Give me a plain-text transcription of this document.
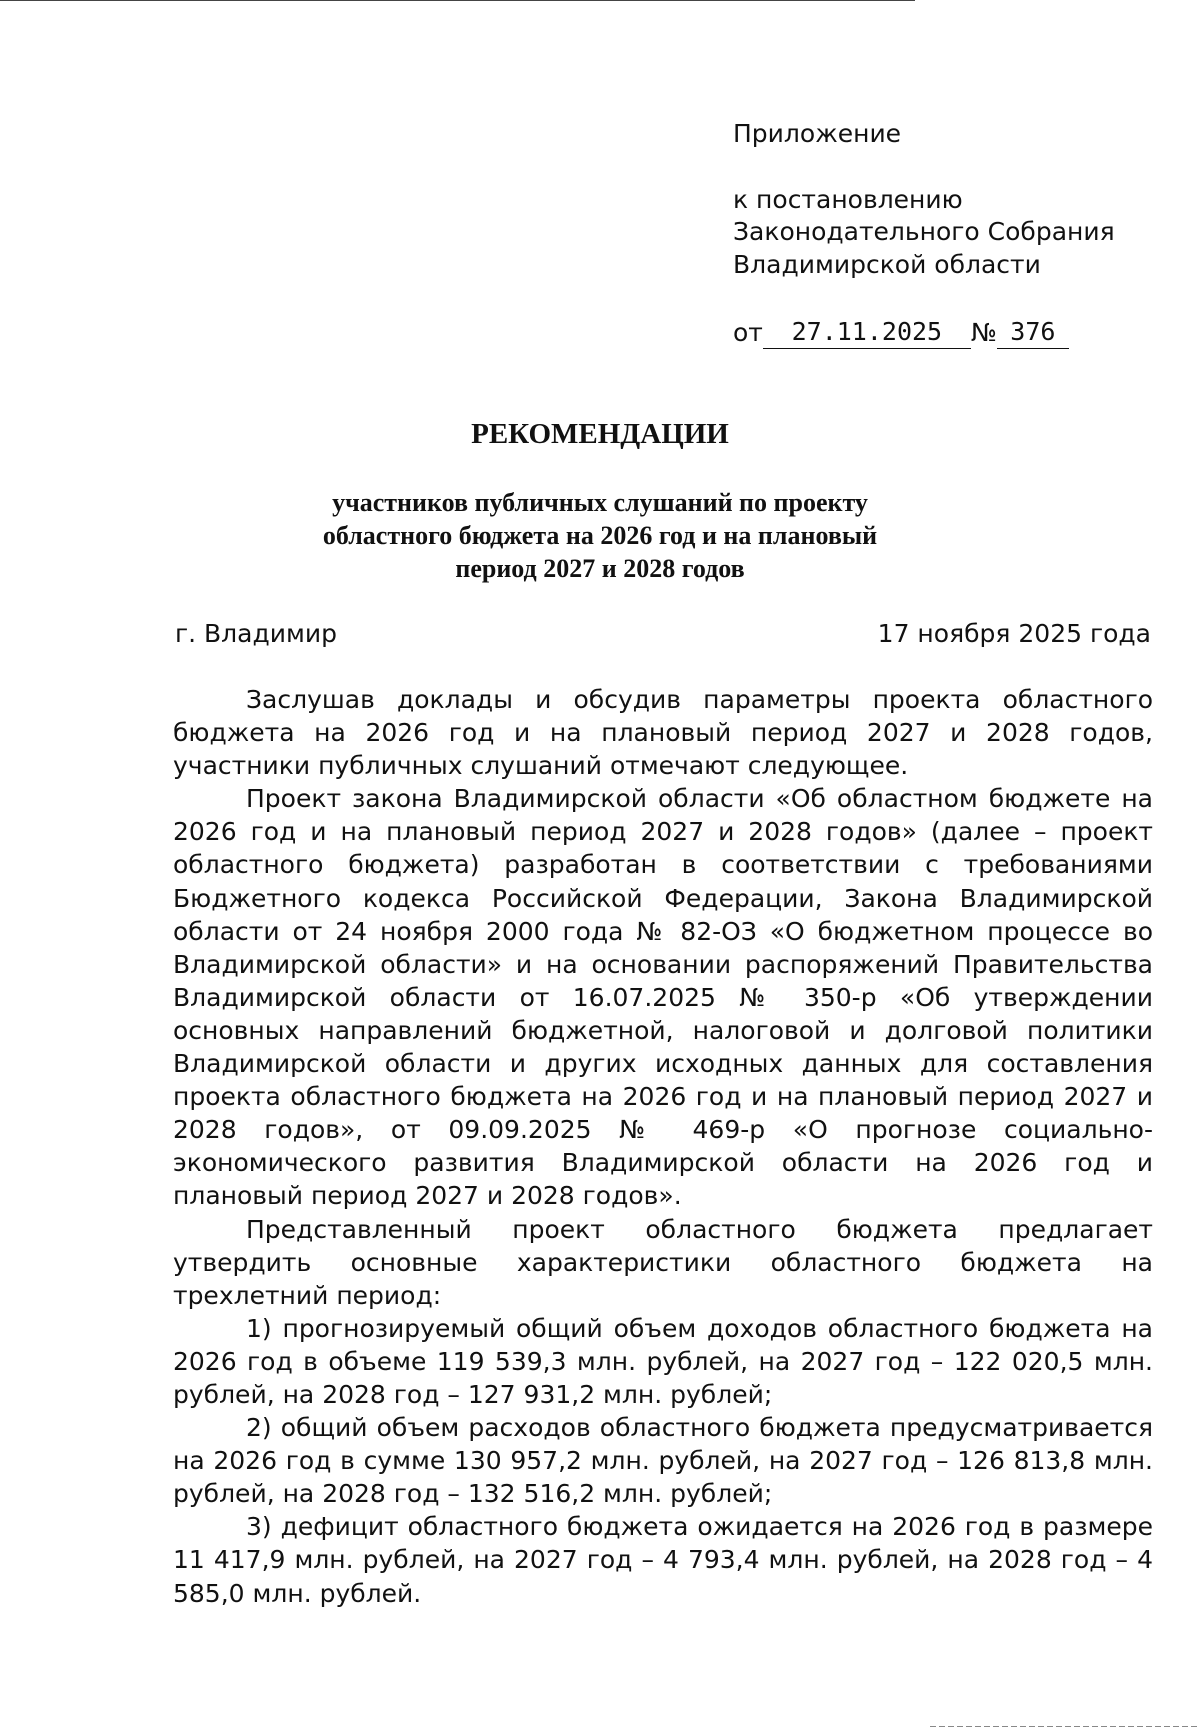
Приложение
к постановлению
Законодательного Собрания
Владимирской области
от 27.11.2025 № 376
РЕКОМЕНДАЦИИ
участников публичных слушаний по проекту
областного бюджета на 2026 год и на плановый
период 2027 и 2028 годов
г. Владимир	17 ноября 2025 года

Заслушав доклады и обсудив параметры проекта областного бюджета на 2026 год и на плановый период 2027 и 2028 годов, участники публичных слушаний отмечают следующее.

Проект закона Владимирской области «Об областном бюджете на 2026 год и на плановый период 2027 и 2028 годов» (далее – проект областного бюджета) разработан в соответствии с требованиями Бюджетного кодекса Российской Федерации, Закона Владимирской области от 24 ноября 2000 года № 82-ОЗ «О бюджетном процессе во Владимирской области» и на основании распоряжений Правительства Владимирской области от 16.07.2025 № 350-р «Об утверждении основных направлений бюджетной, налоговой и долговой политики Владимирской области и других исходных данных для составления проекта областного бюджета на 2026 год и на плановый период 2027 и 2028 годов», от 09.09.2025 № 469-р «О прогнозе социально-экономического развития Владимирской области на 2026 год и плановый период 2027 и 2028 годов».

Представленный проект областного бюджета предлагает утвердить основные характеристики областного бюджета на трехлетний период:

1) прогнозируемый общий объем доходов областного бюджета на 2026 год в объеме 119 539,3 млн. рублей, на 2027 год – 122 020,5 млн. рублей, на 2028 год – 127 931,2 млн. рублей;

2) общий объем расходов областного бюджета предусматривается на 2026 год в сумме 130 957,2 млн. рублей, на 2027 год – 126 813,8 млн. рублей, на 2028 год – 132 516,2 млн. рублей;

3) дефицит областного бюджета ожидается на 2026 год в размере 11 417,9 млн. рублей, на 2027 год – 4 793,4 млн. рублей, на 2028 год – 4 585,0 млн. рублей.
